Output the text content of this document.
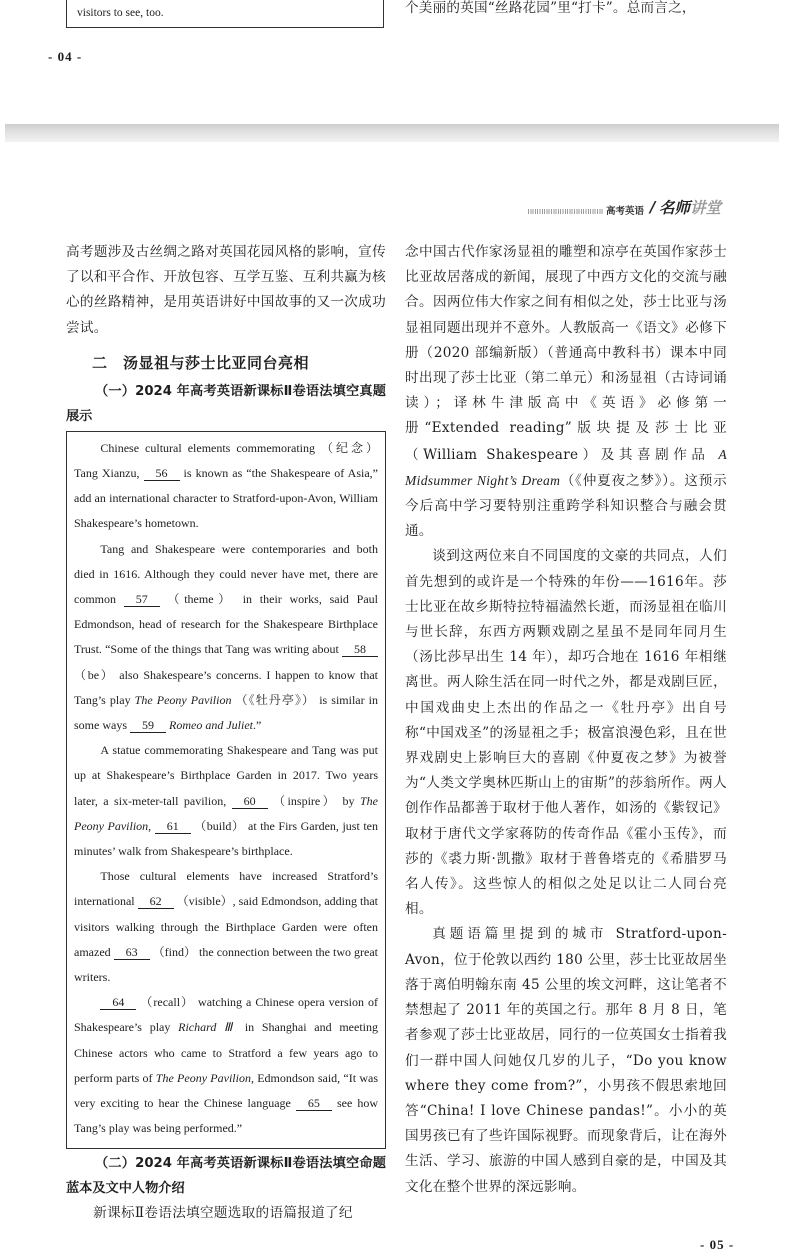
visitors to see, too.	个美丽的英国“丝路花园”里“打卡”。总而言之，
- 04 -
高考英语 / 名师讲堂

高考题涉及古丝绸之路对英国花园风格的影响，宣传了以和平合作、开放包容、互学互鉴、互利共赢为核心的丝路精神，是用英语讲好中国故事的又一次成功尝试。

二　汤显祖与莎士比亚同台亮相

（一）2024 年高考英语新课标Ⅱ卷语法填空真题展示

Chinese cultural elements commemorating （纪念） Tang Xianzu, 56 is known as “the Shakespeare of Asia,” add an international character to Stratford-upon-Avon, William Shakespeare’s hometown.

Tang and Shakespeare were contemporaries and both died in 1616. Although they could never have met, there are common 57 （theme） in their works, said Paul Edmondson, head of research for the Shakespeare Birthplace Trust. “Some of the things that Tang was writing about 58 （be） also Shakespeare’s concerns. I happen to know that Tang’s play The Peony Pavilion （《牡丹亭》） is similar in some ways 59 Romeo and Juliet.”

A statue commemorating Shakespeare and Tang was put up at Shakespeare’s Birthplace Garden in 2017. Two years later, a six-meter-tall pavilion, 60 （inspire） by The Peony Pavilion, 61 （build） at the Firs Garden, just ten minutes’ walk from Shakespeare’s birthplace.

Those cultural elements have increased Stratford’s international 62 （visible）, said Edmondson, adding that visitors walking through the Birthplace Garden were often amazed 63 （find） the connection between the two great writers.

64 （recall） watching a Chinese opera version of Shakespeare’s play Richard Ⅲ in Shanghai and meeting Chinese actors who came to Stratford a few years ago to perform parts of The Peony Pavilion, Edmondson said, “It was very exciting to hear the Chinese language 65 see how Tang’s play was being performed.”

（二）2024 年高考英语新课标Ⅱ卷语法填空命题蓝本及文中人物介绍

新课标Ⅱ卷语法填空题选取的语篇报道了纪

念中国古代作家汤显祖的雕塑和凉亭在英国作家莎士比亚故居落成的新闻，展现了中西方文化的交流与融合。因两位伟大作家之间有相似之处，莎士比亚与汤显祖同题出现并不意外。人教版高一《语文》必修下册（2020 部编新版）（普通高中教科书）课本中同时出现了莎士比亚（第二单元）和汤显祖（古诗词诵读）；译林牛津版高中《英语》必修第一册“Extended reading”版块提及莎士比亚（William Shakespeare）及其喜剧作品 A Midsummer Night’s Dream（《仲夏夜之梦》）。这预示今后高中学习要特别注重跨学科知识整合与融会贯通。

谈到这两位来自不同国度的文豪的共同点，人们首先想到的或许是一个特殊的年份——1616年。莎士比亚在故乡斯特拉特福溘然长逝，而汤显祖在临川与世长辞，东西方两颗戏剧之星虽不是同年同月生（汤比莎早出生 14 年），却巧合地在 1616 年相继离世。两人除生活在同一时代之外，都是戏剧巨匠，中国戏曲史上杰出的作品之一《牡丹亭》出自号称“中国戏圣”的汤显祖之手；极富浪漫色彩，且在世界戏剧史上影响巨大的喜剧《仲夏夜之梦》为被誉为“人类文学奥林匹斯山上的宙斯”的莎翁所作。两人创作作品都善于取材于他人著作，如汤的《紫钗记》取材于唐代文学家蒋防的传奇作品《霍小玉传》，而莎的《裘力斯·凯撒》取材于普鲁塔克的《希腊罗马名人传》。这些惊人的相似之处足以让二人同台亮相。

真题语篇里提到的城市 Stratford-upon-Avon，位于伦敦以西约 180 公里，莎士比亚故居坐落于离伯明翰东南 45 公里的埃文河畔，这让笔者不禁想起了 2011 年的英国之行。那年 8 月 8 日，笔者参观了莎士比亚故居，同行的一位英国女士指着我们一群中国人问她仅几岁的儿子，“Do you know where they come from?”，小男孩不假思索地回答“China! I love Chinese pandas!”。小小的英国男孩已有了些许国际视野。而现象背后，让在海外生活、学习、旅游的中国人感到自豪的是，中国及其文化在整个世界的深远影响。

- 05 -
